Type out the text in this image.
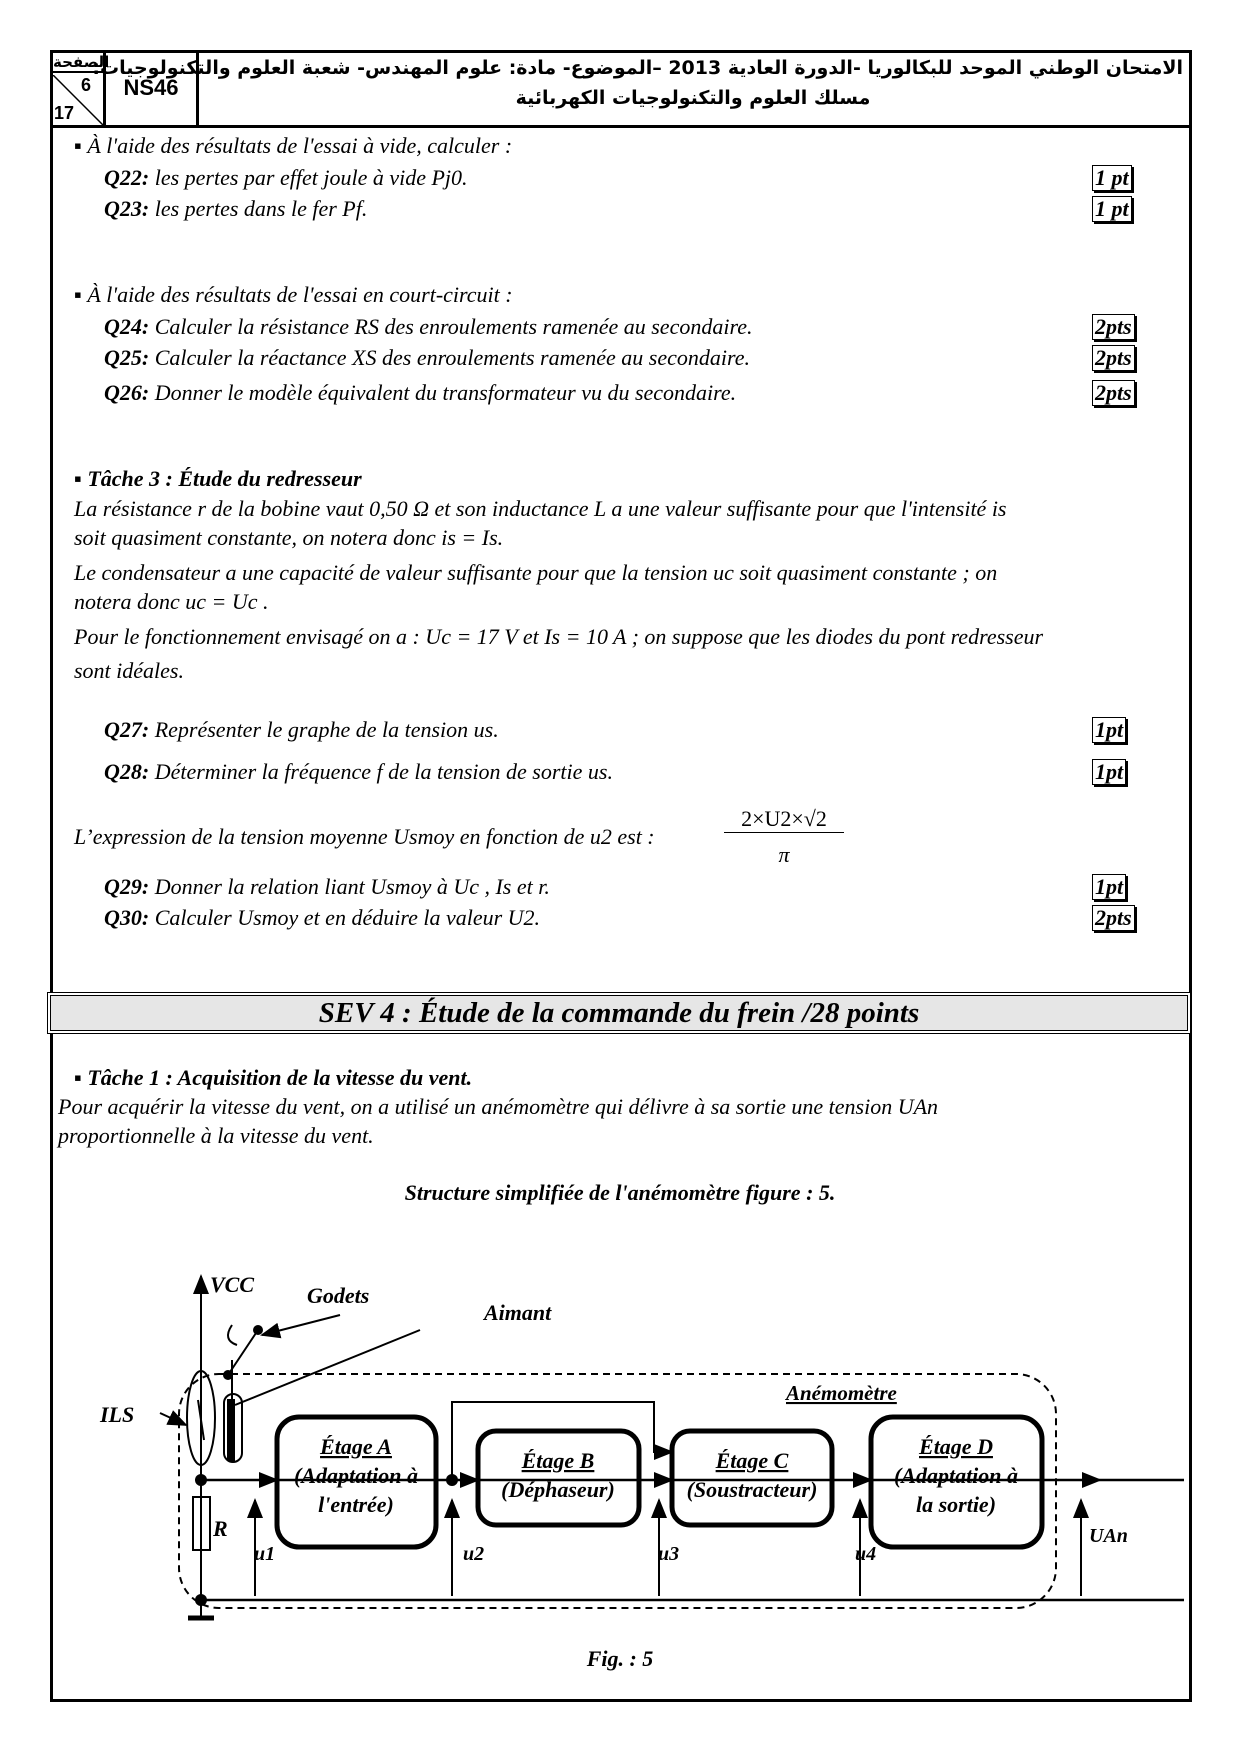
الصفحة
6
17
NS46
الامتحان الوطني الموحد للبكالوريا -الدورة العادية 2013 –الموضوع- مادة: علوم المهندس- شعبة العلوم والتكنولوجيات:
مسلك العلوم والتكنولوجيات الكهربائية
▪ À l'aide des résultats de l'essai à vide, calculer :
Q22: les pertes par effet joule à vide Pj0.	1 pt
Q23: les pertes dans le fer Pf.	1 pt
▪ À l'aide des résultats de l'essai en court-circuit :
Q24: Calculer la résistance RS des enroulements ramenée au secondaire.	2pts
Q25: Calculer la réactance XS des enroulements ramenée au secondaire.	2pts
Q26: Donner le modèle équivalent du transformateur vu du secondaire.	2pts
▪ Tâche 3 : Étude du redresseur
La résistance r de la bobine vaut 0,50 Ω et son inductance L a une valeur suffisante pour que l'intensité is
soit quasiment constante, on notera donc is = Is.
Le condensateur a une capacité de valeur suffisante pour que la tension uc soit quasiment constante ; on
notera donc uc = Uc .
Pour le fonctionnement envisagé on a : Uc = 17 V et Is = 10 A ; on suppose que les diodes du pont redresseur
sont idéales.
Q27: Représenter le graphe de la tension us.	1pt
Q28: Déterminer la fréquence f de la tension de sortie us.	1pt
L’expression de la tension moyenne Usmoy en fonction de u2 est :
2×U2×√2
π
Q29: Donner la relation liant Usmoy à Uc , Is et r.	1pt
Q30: Calculer Usmoy et en déduire la valeur U2.	2pts
SEV 4 : Étude de la commande du frein /28 points
▪ Tâche 1 : Acquisition de la vitesse du vent.
Pour acquérir la vitesse du vent, on a utilisé un anémomètre qui délivre à sa sortie une tension UAn
proportionnelle à la vitesse du vent.
Structure simplifiée de l'anémomètre figure : 5.
VCC Godets
Aimant
ILS
Anémomètre
R
Étage A
(Adaptation à
l'entrée)
Étage B
(Déphaseur)
Étage C
(Soustracteur)
Étage D
(Adaptation à
la sortie)
u1	u2	u3	u4
UAn
Fig. : 5
